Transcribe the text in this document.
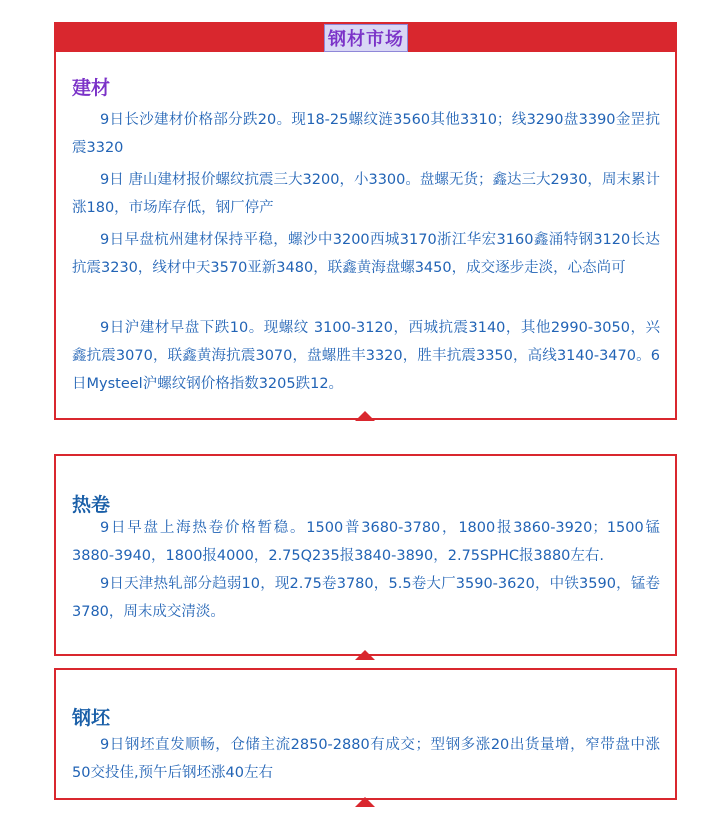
钢材市场
建材

9日长沙建材价格部分跌20。现18-25螺纹涟3560其他3310；线3290盘3390金罡抗震3320

9日 唐山建材报价螺纹抗震三大3200，小3300。盘螺无货；鑫达三大2930，周末累计涨180，市场库存低，钢厂停产

9日早盘杭州建材保持平稳，螺沙中3200西城3170浙江华宏3160鑫涌特钢3120长达抗震3230，线材中天3570亚新3480，联鑫黄海盘螺3450，成交逐步走淡，心态尚可

9日沪建材早盘下跌10。现螺纹 3100-3120，西城抗震3140，其他2990-3050，兴鑫抗震3070，联鑫黄海抗震3070，盘螺胜丰3320，胜丰抗震3350，高线3140-3470。6日Mysteel沪螺纹钢价格指数3205跌12。

热卷

9日早盘上海热卷价格暂稳。1500普3680-3780，1800报3860-3920；1500锰3880-3940，1800报4000，2.75Q235报3840-3890，2.75SPHC报3880左右.

9日天津热轧部分趋弱10，现2.75卷3780，5.5卷大厂3590-3620，中铁3590，锰卷3780，周末成交清淡。

钢坯

9日钢坯直发顺畅，仓储主流2850-2880有成交；型钢多涨20出货量增，窄带盘中涨50交投佳,预午后钢坯涨40左右
